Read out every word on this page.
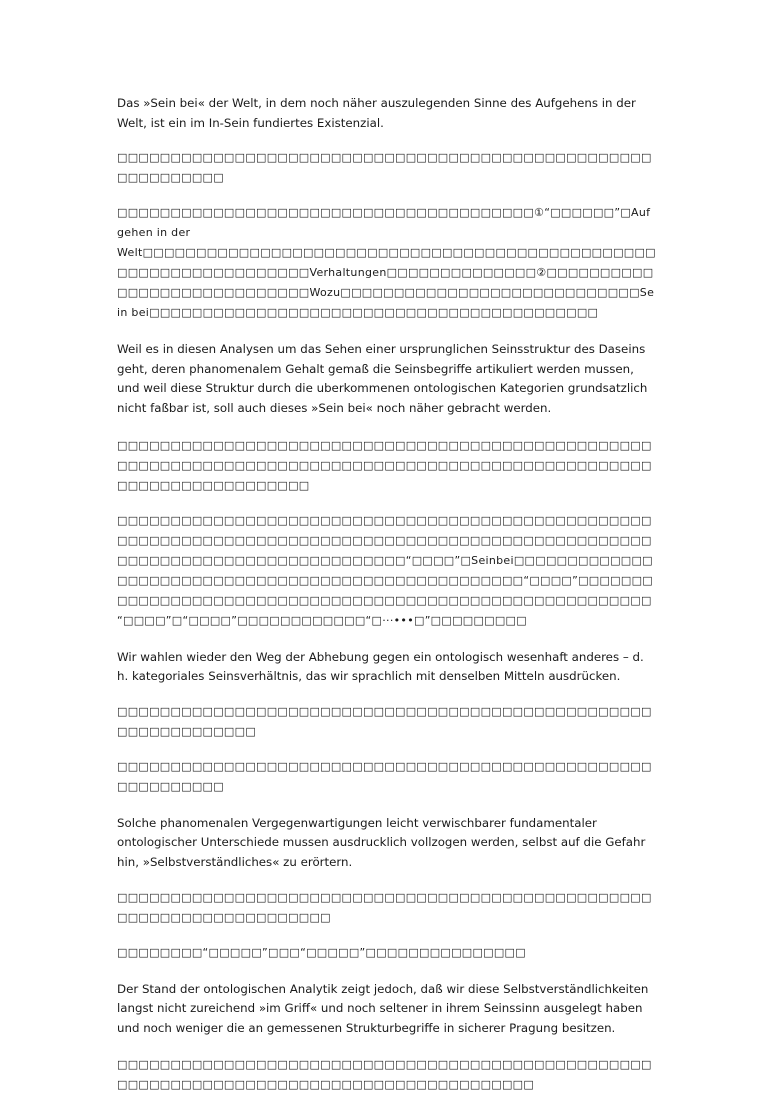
Das »Sein bei« der Welt, in dem noch näher auszulegenden Sinne des Aufgehens in der Welt, ist ein im In-Sein fundiertes Existenzial.

□□□□□□□□□□□□□□□□□□□□□□□□□□□□□□□□□□□□□□□□□□□□□□□□□□□□□□□□□□□□

□□□□□□□□□□□□□□□□□□□□□□□□□□□□□□□□□□□□□□□①“□□□□□□”□Aufgehen in der Welt□□□□□□□□□□□□□□□□□□□□□□□□□□□□□□□□□□□□□□□□□□□□□□□□□□□□□□□□□□□□□□□□□□Verhaltungen□□□□□□□□□□□□□□②□□□□□□□□□□□□□□□□□□□□□□□□□□□□Wozu□□□□□□□□□□□□□□□□□□□□□□□□□□□□Sein bei□□□□□□□□□□□□□□□□□□□□□□□□□□□□□□□□□□□□□□□□□□

Weil es in diesen Analysen um das Sehen einer ursprunglichen Seinsstruktur des Daseins geht, deren phanomenalem Gehalt gemaß die Seinsbegriffe artikuliert werden mussen, und weil diese Struktur durch die uberkommenen ontologischen Kategorien grundsatzlich nicht faßbar ist, soll auch dieses »Sein bei« noch näher gebracht werden.

□□□□□□□□□□□□□□□□□□□□□□□□□□□□□□□□□□□□□□□□□□□□□□□□□□□□□□□□□□□□□□□□□□□□□□□□□□□□□□□□□□□□□□□□□□□□□□□□□□□□□□□□□□□□□□□□□□□□□□

□□□□□□□□□□□□□□□□□□□□□□□□□□□□□□□□□□□□□□□□□□□□□□□□□□□□□□□□□□□□□□□□□□□□□□□□□□□□□□□□□□□□□□□□□□□□□□□□□□□□□□□□□□□□□□□□□□□□□□□□□□□□□□□“□□□□”□Seinbei□□□□□□□□□□□□□□□□□□□□□□□□□□□□□□□□□□□□□□□□□□□□□□□□□□□“□□□□”□□□□□□□□□□□□□□□□□□□□□□□□□□□□□□□□□□□□□□□□□□□□□□□□□□□□□□□□□“□□□□”□“□□□□”□□□□□□□□□□□□“□···•••□”□□□□□□□□□

Wir wahlen wieder den Weg der Abhebung gegen ein ontologisch wesenhaft anderes – d. h. kategoriales Seinsverhältnis, das wir sprachlich mit denselben Mitteln ausdrücken.

□□□□□□□□□□□□□□□□□□□□□□□□□□□□□□□□□□□□□□□□□□□□□□□□□□□□□□□□□□□□□□□

□□□□□□□□□□□□□□□□□□□□□□□□□□□□□□□□□□□□□□□□□□□□□□□□□□□□□□□□□□□□

Solche phanomenalen Vergegenwartigungen leicht verwischbarer fundamentaler ontologischer Unterschiede mussen ausdrucklich vollzogen werden, selbst auf die Gefahr hin, »Selbstverständliches« zu erörtern.

□□□□□□□□□□□□□□□□□□□□□□□□□□□□□□□□□□□□□□□□□□□□□□□□□□□□□□□□□□□□□□□□□□□□□□

□□□□□□□□“□□□□□”□□□“□□□□□”□□□□□□□□□□□□□□□

Der Stand der ontologischen Analytik zeigt jedoch, daß wir diese Selbstverständlichkeiten langst nicht zureichend »im Griff« und noch seltener in ihrem Seinssinn ausgelegt haben und noch weniger die an gemessenen Strukturbegriffe in sicherer Pragung besitzen.

□□□□□□□□□□□□□□□□□□□□□□□□□□□□□□□□□□□□□□□□□□□□□□□□□□□□□□□□□□□□□□□□□□□□□□□□□□□□□□□□□□□□□□□□□
